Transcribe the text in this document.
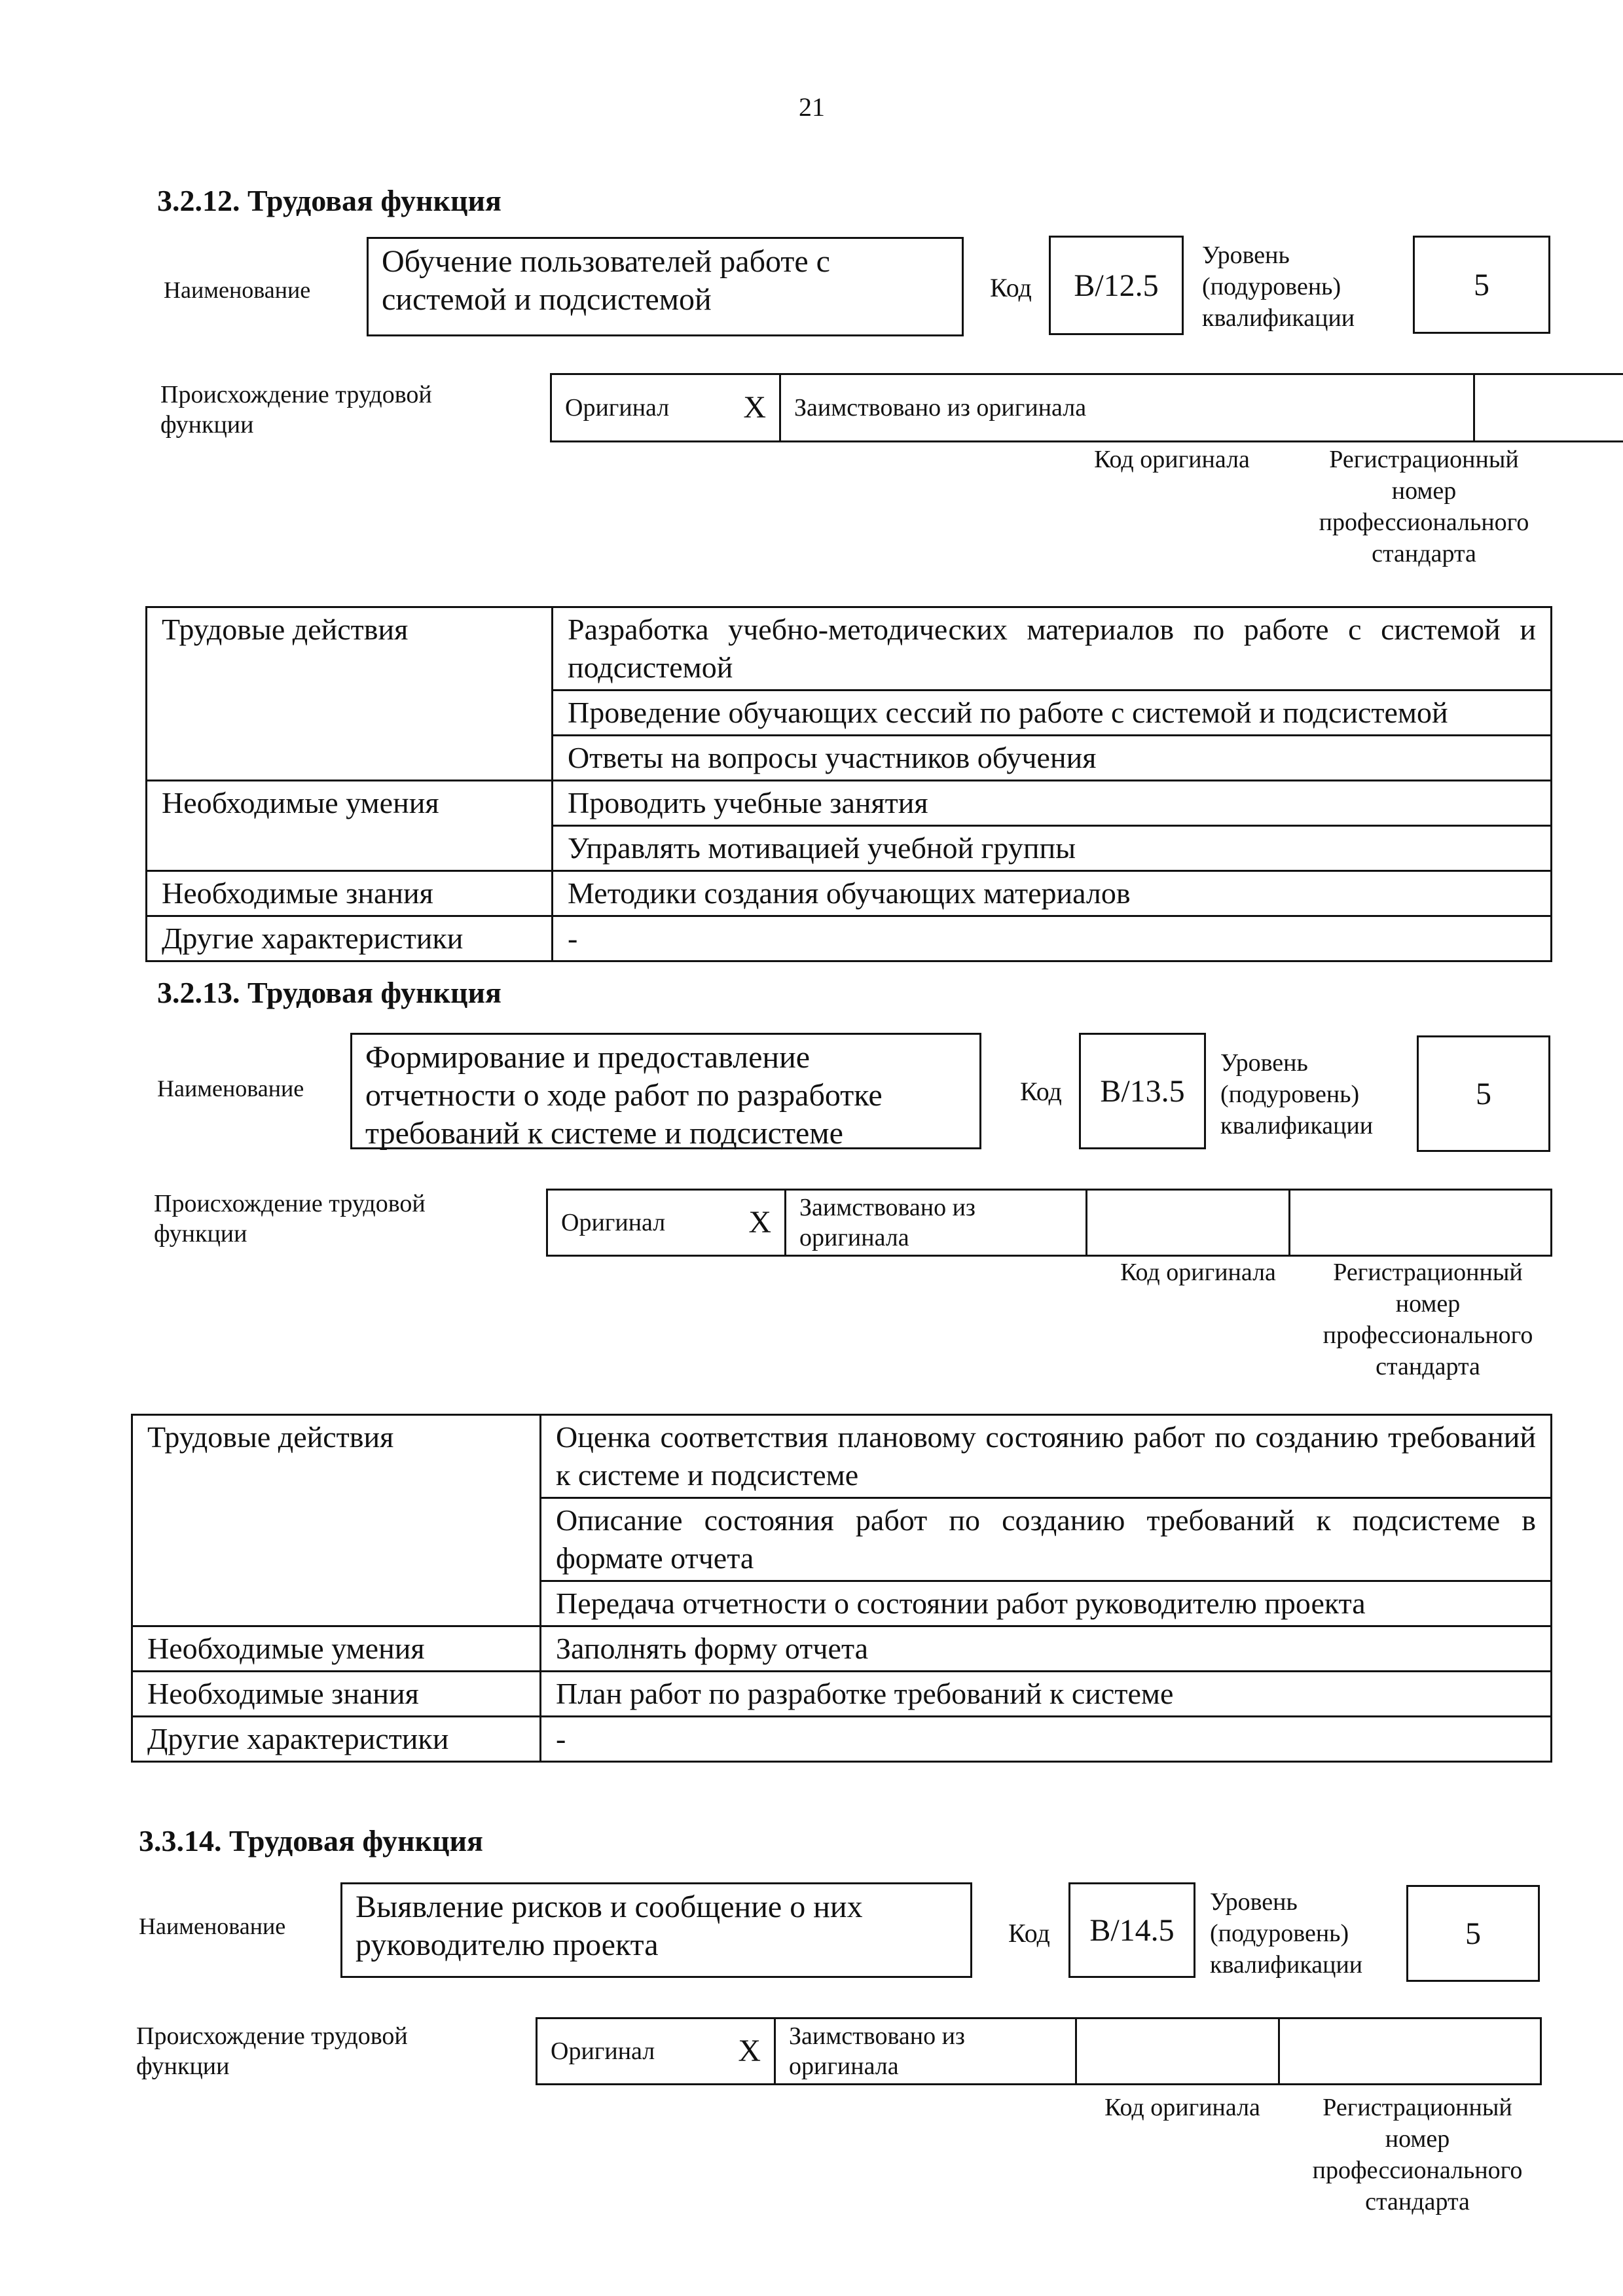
21
3.2.12. Трудовая функция
Наименование
Обучение пользователей работе с системой и подсистемой	Код	B/12.5
Уровень (подуровень) квалификации
5
Происхождение трудовой функции
Оригинал X	Заимствовано из оригинала		
Код оригинала	Регистрационный номер профессионального стандарта
Трудовые действия	Разработка учебно-методических материалов по работе с системой и подсистемой
	Проведение обучающих сессий по работе с системой и подсистемой
	Ответы на вопросы участников обучения
Необходимые умения	Проводить учебные занятия
	Управлять мотивацией учебной группы
Необходимые знания	Методики создания обучающих материалов
Другие характеристики	-
3.2.13. Трудовая функция
Наименование
Формирование и предоставление отчетности о ходе работ по разработке требований к системе и подсистеме
Код	B/13.5
Уровень (подуровень) квалификации
5
Происхождение трудовой функции	Оригинал	X	Заимствовано из оригинала		
Код оригинала	Регистрационный номер профессионального стандарта
Трудовые действия	Оценка соответствия плановому состоянию работ по созданию требований к системе и подсистеме
	Описание состояния работ по созданию требований к подсистеме в формате отчета
	Передача отчетности о состоянии работ руководителю проекта
Необходимые умения	Заполнять форму отчета
Необходимые знания	План работ по разработке требований к системе
Другие характеристики	-
3.3.14. Трудовая функция
Наименование
Выявление рисков и сообщение о них руководителю проекта	Код	B/14.5
Уровень (подуровень) квалификации
5
Происхождение трудовой функции
Оригинал	X	Заимствовано из оригинала		
Код оригинала	Регистрационный номер профессионального стандарта
